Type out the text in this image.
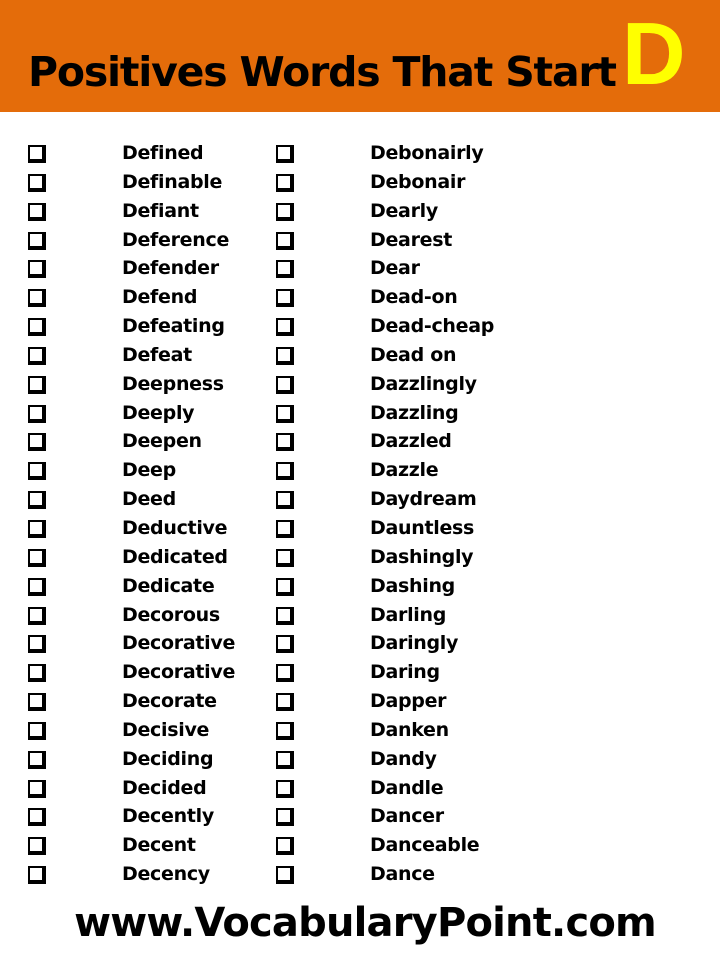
Positives Words That Start D
Defined
Definable
Defiant
Deference
Defender
Defend
Defeating
Defeat
Deepness
Deeply
Deepen
Deep
Deed
Deductive
Dedicated
Dedicate
Decorous
Decorative
Decorative
Decorate
Decisive
Deciding
Decided
Decently
Decent
Decency
Debonairly
Debonair
Dearly
Dearest
Dear
Dead-on
Dead-cheap
Dead on
Dazzlingly
Dazzling
Dazzled
Dazzle
Daydream
Dauntless
Dashingly
Dashing
Darling
Daringly
Daring
Dapper
Danken
Dandy
Dandle
Dancer
Danceable
Dance
www.VocabularyPoint.com
